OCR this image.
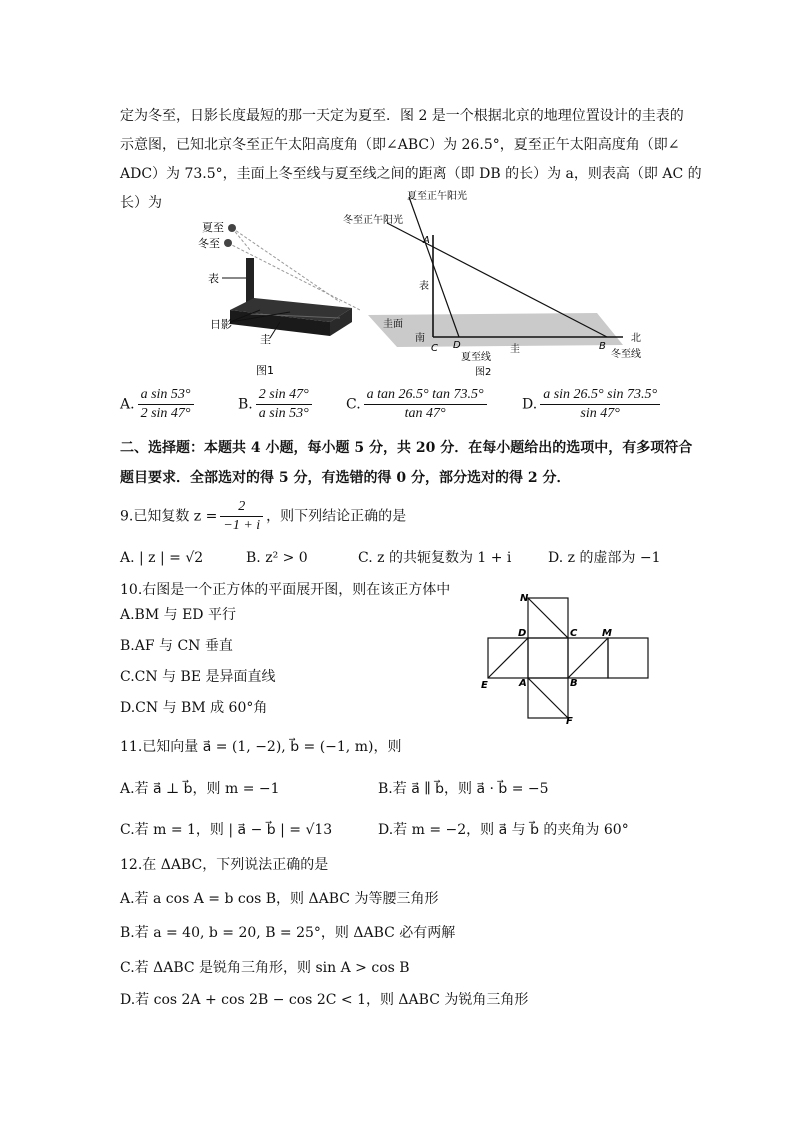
定为冬至，日影长度最短的那一天定为夏至．图 2 是一个根据北京的地理位置设计的圭表的
示意图，已知北京冬至正午太阳高度角（即∠ABC）为 26.5°，夏至正午太阳高度角（即∠
ADC）为 73.5°，圭面上冬至线与夏至线之间的距离（即 DB 的长）为 a，则表高（即 AC 的
长）为
夏至
冬至
表
日影
圭
图1
夏至正午阳光
冬至正午阳光
A
表
圭面
南
C D
夏至线
圭	B
北
冬至线
图2
A. $\frac{\text{a sin 53°}}{2 \sin 47^\circ}$	B. $\frac{2 \sin 47^\circ}{\text{a sin 53°}} C$. $\frac{\text{a tan 26.5° tan 73.5°}}{\tan 47^\circ}$	D. $\frac{\text{a sin 26.5° sin 73.5°}}{\sin 47^\circ}$
二、选择题：本题共 4 小题，每小题 5 分，共 20 分．在每小题给出的选项中，有多项符合
题目要求．全部选对的得 5 分，有选错的得 0 分，部分选对的得 2 分．
9.已知复数 $z = \frac{2}{-1 + i}$ ，则下列结论正确的是
A. | z | = √2	B. z² > 0	C. z 的共轭复数为 1 + i	D. z 的虚部为 −1
10.右图是一个正方体的平面展开图，则在该正方体中
A.BM 与 ED 平行
B.AF 与 CN 垂直
C.CN 与 BE 是异面直线
D.CN 与 BM 成 60°角
N
D	C M
E	A	B
F
11.已知向量 a⃗ = (1, −2), b⃗ = (−1, m)，则
A.若 a⃗ ⊥ b⃗，则 m = −1	B.若 a⃗ ∥ b⃗，则 a⃗ · b⃗ = −5
C.若 m = 1，则 | a⃗ − b⃗ | = √13	D.若 m = −2，则 a⃗ 与 b⃗ 的夹角为 60°
12.在 ΔABC，下列说法正确的是
A.若 a cos A = b cos B，则 ΔABC 为等腰三角形
B.若 a = 40, b = 20, B = 25°，则 ΔABC 必有两解
C.若 ΔABC 是锐角三角形，则 sin A > cos B
D.若 cos 2A + cos 2B − cos 2C < 1，则 ΔABC 为锐角三角形
